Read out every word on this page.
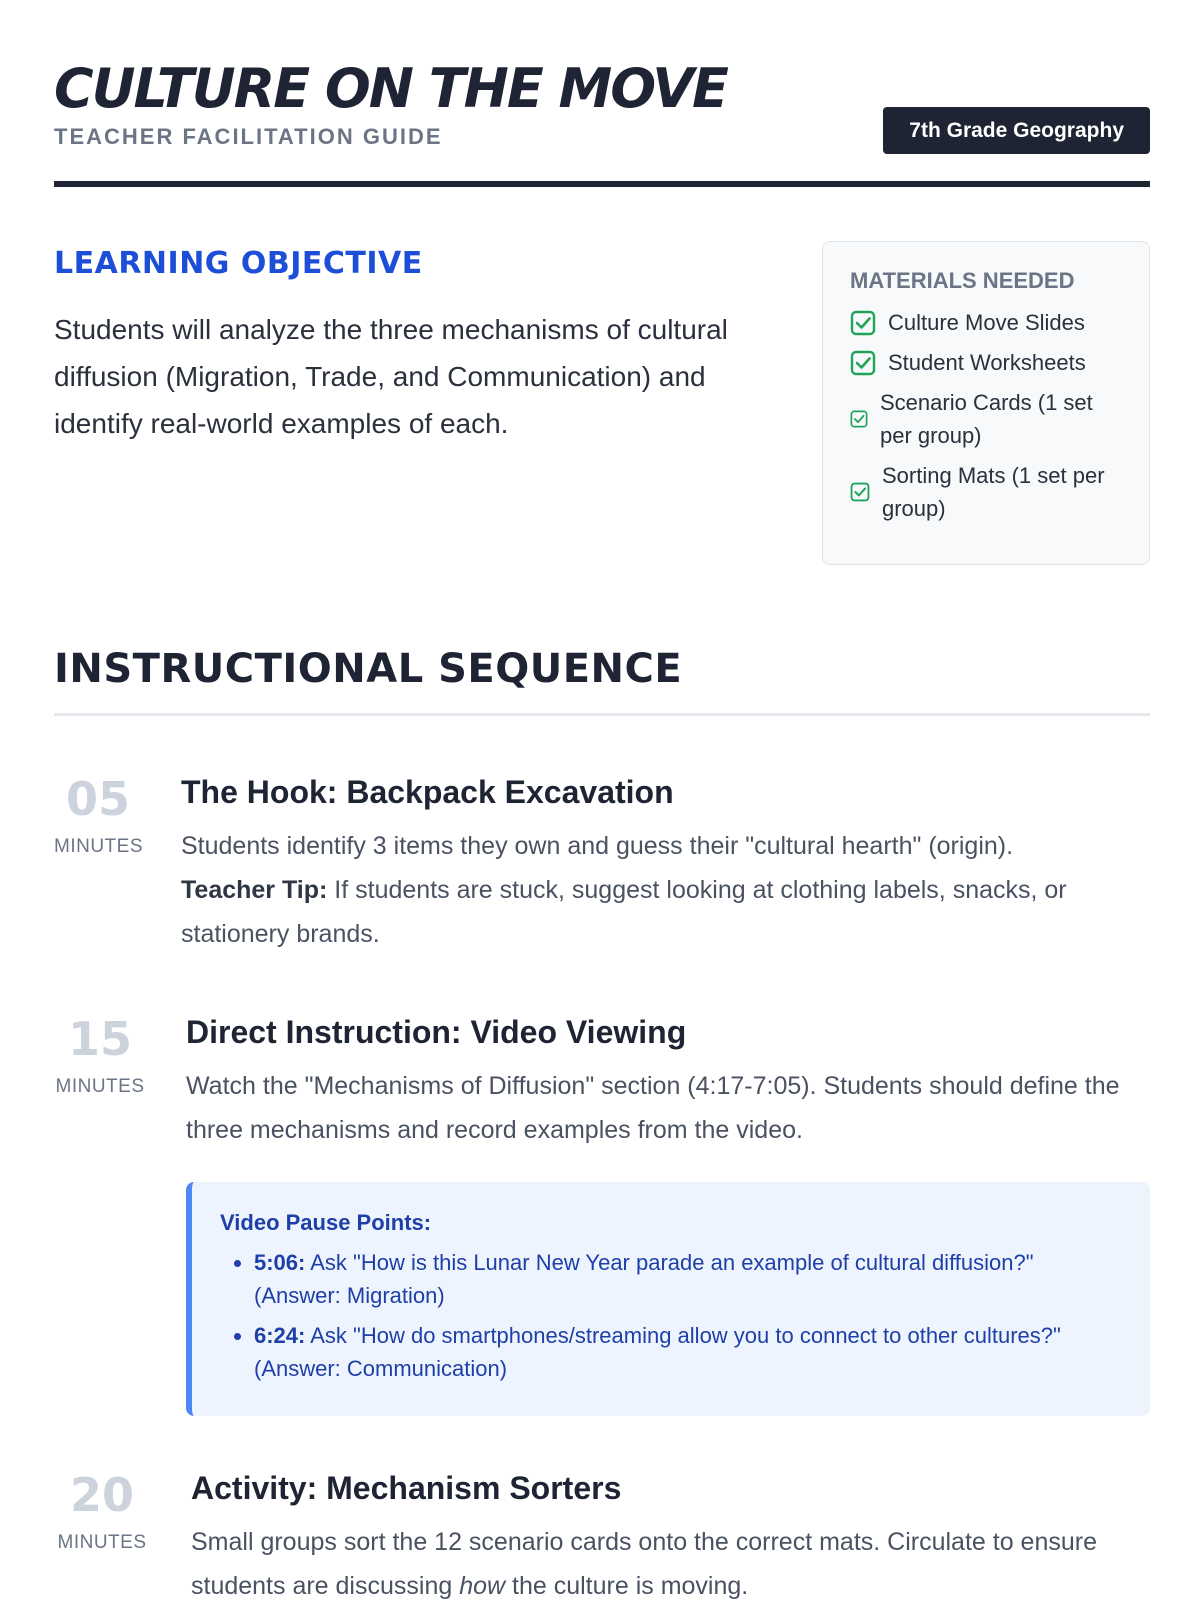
CULTURE ON THE MOVE
TEACHER FACILITATION GUIDE	7th Grade Geography
LEARNING OBJECTIVE

Students will analyze the three mechanisms of cultural diffusion (Migration, Trade, and Communication) and identify real-world examples of each.

MATERIALS NEEDED
Culture Move Slides
Student Worksheets
Scenario Cards (1 set per group)
Sorting Mats (1 set per group)
INSTRUCTIONAL SEQUENCE
05
MINUTES
The Hook: Backpack Excavation

Students identify 3 items they own and guess their "cultural hearth" (origin).
Teacher Tip: If students are stuck, suggest looking at clothing labels, snacks, or stationery brands.

15
MINUTES
Direct Instruction: Video Viewing

Watch the "Mechanisms of Diffusion" section (4:17-7:05). Students should define the three mechanisms and record examples from the video.

Video Pause Points:
• 5:06: Ask "How is this Lunar New Year parade an example of cultural diffusion?" (Answer: Migration)
• 6:24: Ask "How do smartphones/streaming allow you to connect to other cultures?" (Answer: Communication)
20
MINUTES
Activity: Mechanism Sorters

Small groups sort the 12 scenario cards onto the correct mats. Circulate to ensure students are discussing how the culture is moving.
